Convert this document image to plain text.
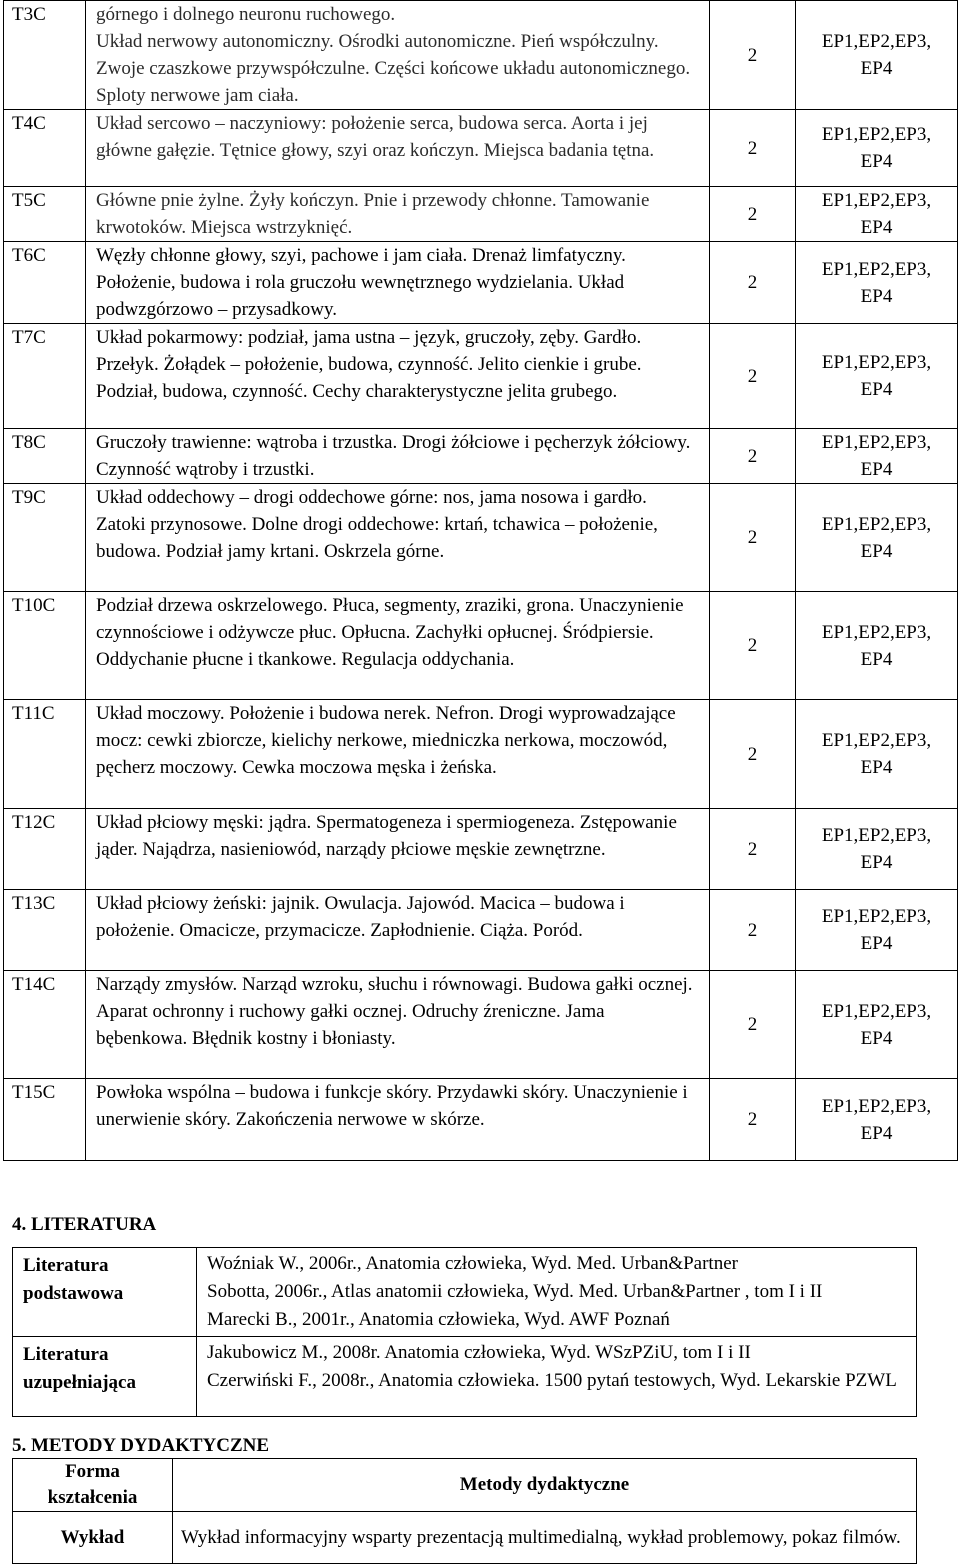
T3C	górnego i dolnego neuronu ruchowego.
Układ nerwowy autonomiczny. Ośrodki autonomiczne. Pień współczulny. Zwoje czaszkowe przywspółczulne. Części końcowe układu autonomicznego. Sploty nerwowe jam ciała.	2	EP1,EP2,EP3,
EP4
T4C	Układ sercowo – naczyniowy: położenie serca, budowa serca. Aorta i jej główne gałęzie. Tętnice głowy, szyi oraz kończyn. Miejsca badania tętna.	2	EP1,EP2,EP3,
EP4
T5C	Główne pnie żylne. Żyły kończyn. Pnie i przewody chłonne. Tamowanie krwotoków. Miejsca wstrzyknięć.	2	EP1,EP2,EP3,
EP4
T6C	Węzły chłonne głowy, szyi, pachowe i jam ciała. Drenaż limfatyczny. Położenie, budowa i rola gruczołu wewnętrznego wydzielania. Układ podwzgórzowo – przysadkowy.	2	EP1,EP2,EP3,
EP4
T7C	Układ pokarmowy: podział, jama ustna – język, gruczoły, zęby. Gardło. Przełyk. Żołądek – położenie, budowa, czynność. Jelito cienkie i grube. Podział, budowa, czynność. Cechy charakterystyczne jelita grubego.	2	EP1,EP2,EP3,
EP4
T8C	Gruczoły trawienne: wątroba i trzustka. Drogi żółciowe i pęcherzyk żółciowy. Czynność wątroby i trzustki.	2	EP1,EP2,EP3,
EP4
T9C	Układ oddechowy – drogi oddechowe górne: nos, jama nosowa i gardło. Zatoki przynosowe. Dolne drogi oddechowe: krtań, tchawica – położenie, budowa. Podział jamy krtani. Oskrzela górne.	2	EP1,EP2,EP3,
EP4
T10C	Podział drzewa oskrzelowego. Płuca, segmenty, zraziki, grona. Unaczynienie czynnościowe i odżywcze płuc. Opłucna. Zachyłki opłucnej. Śródpiersie. Oddychanie płucne i tkankowe. Regulacja oddychania.	2	EP1,EP2,EP3,
EP4
T11C	Układ moczowy. Położenie i budowa nerek. Nefron. Drogi wyprowadzające mocz: cewki zbiorcze, kielichy nerkowe, miedniczka nerkowa, moczowód, pęcherz moczowy. Cewka moczowa męska i żeńska.	2	EP1,EP2,EP3,
EP4
T12C	Układ płciowy męski: jądra. Spermatogeneza i spermiogeneza. Zstępowanie jąder. Najądrza, nasieniowód, narządy płciowe męskie zewnętrzne.	2	EP1,EP2,EP3,
EP4
T13C	Układ płciowy żeński: jajnik. Owulacja. Jajowód. Macica – budowa i położenie. Omacicze, przymacicze. Zapłodnienie. Ciąża. Poród.	2	EP1,EP2,EP3,
EP4
T14C	Narządy zmysłów. Narząd wzroku, słuchu i równowagi. Budowa gałki ocznej. Aparat ochronny i ruchowy gałki ocznej. Odruchy źreniczne. Jama bębenkowa. Błędnik kostny i błoniasty.	2	EP1,EP2,EP3,
EP4
T15C	Powłoka wspólna – budowa i funkcje skóry. Przydawki skóry. Unaczynienie i unerwienie skóry. Zakończenia nerwowe w skórze.	2	EP1,EP2,EP3,
EP4
4. LITERATURA
Literatura podstawowa	Woźniak W., 2006r., Anatomia człowieka, Wyd. Med. Urban&Partner
Sobotta, 2006r., Atlas anatomii człowieka, Wyd. Med. Urban&Partner , tom I i II
Marecki B., 2001r., Anatomia człowieka, Wyd. AWF Poznań

Literatura uzupełniająca	Jakubowicz M., 2008r. Anatomia człowieka, Wyd. WSzPZiU, tom I i II
Czerwiński F., 2008r., Anatomia człowieka. 1500 pytań testowych, Wyd. Lekarskie PZWL
5. METODY DYDAKTYCZNE
Forma kształcenia	Metody dydaktyczne
Wykład	Wykład informacyjny wsparty prezentacją multimedialną, wykład problemowy, pokaz filmów.
